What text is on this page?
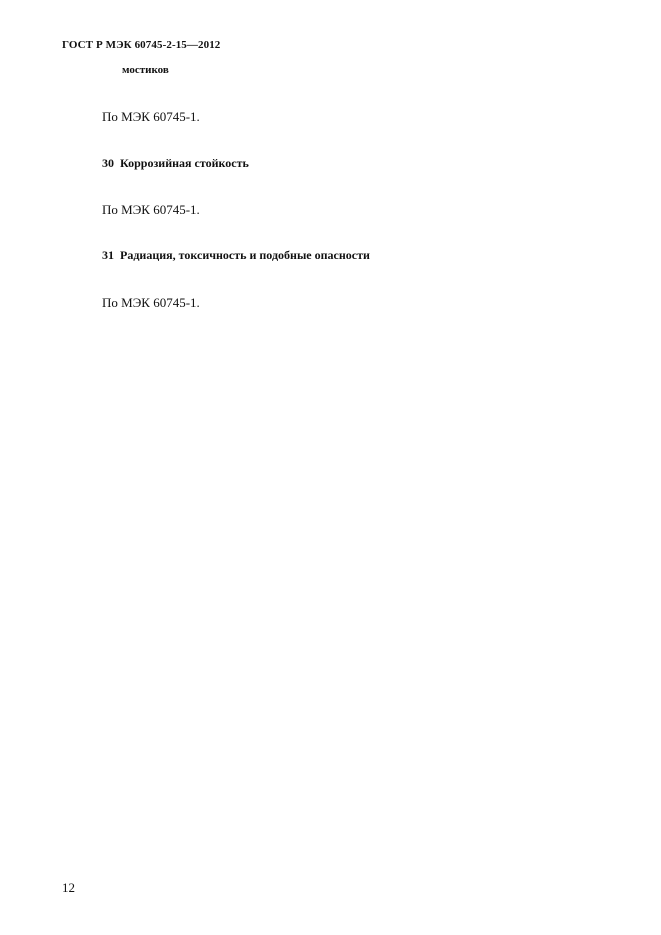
ГОСТ Р МЭК 60745-2-15—2012
мостиков
По МЭК 60745-1.
30 Коррозийная стойкость
По МЭК 60745-1.
31 Радиация, токсичность и подобные опасности
По МЭК 60745-1.
12
